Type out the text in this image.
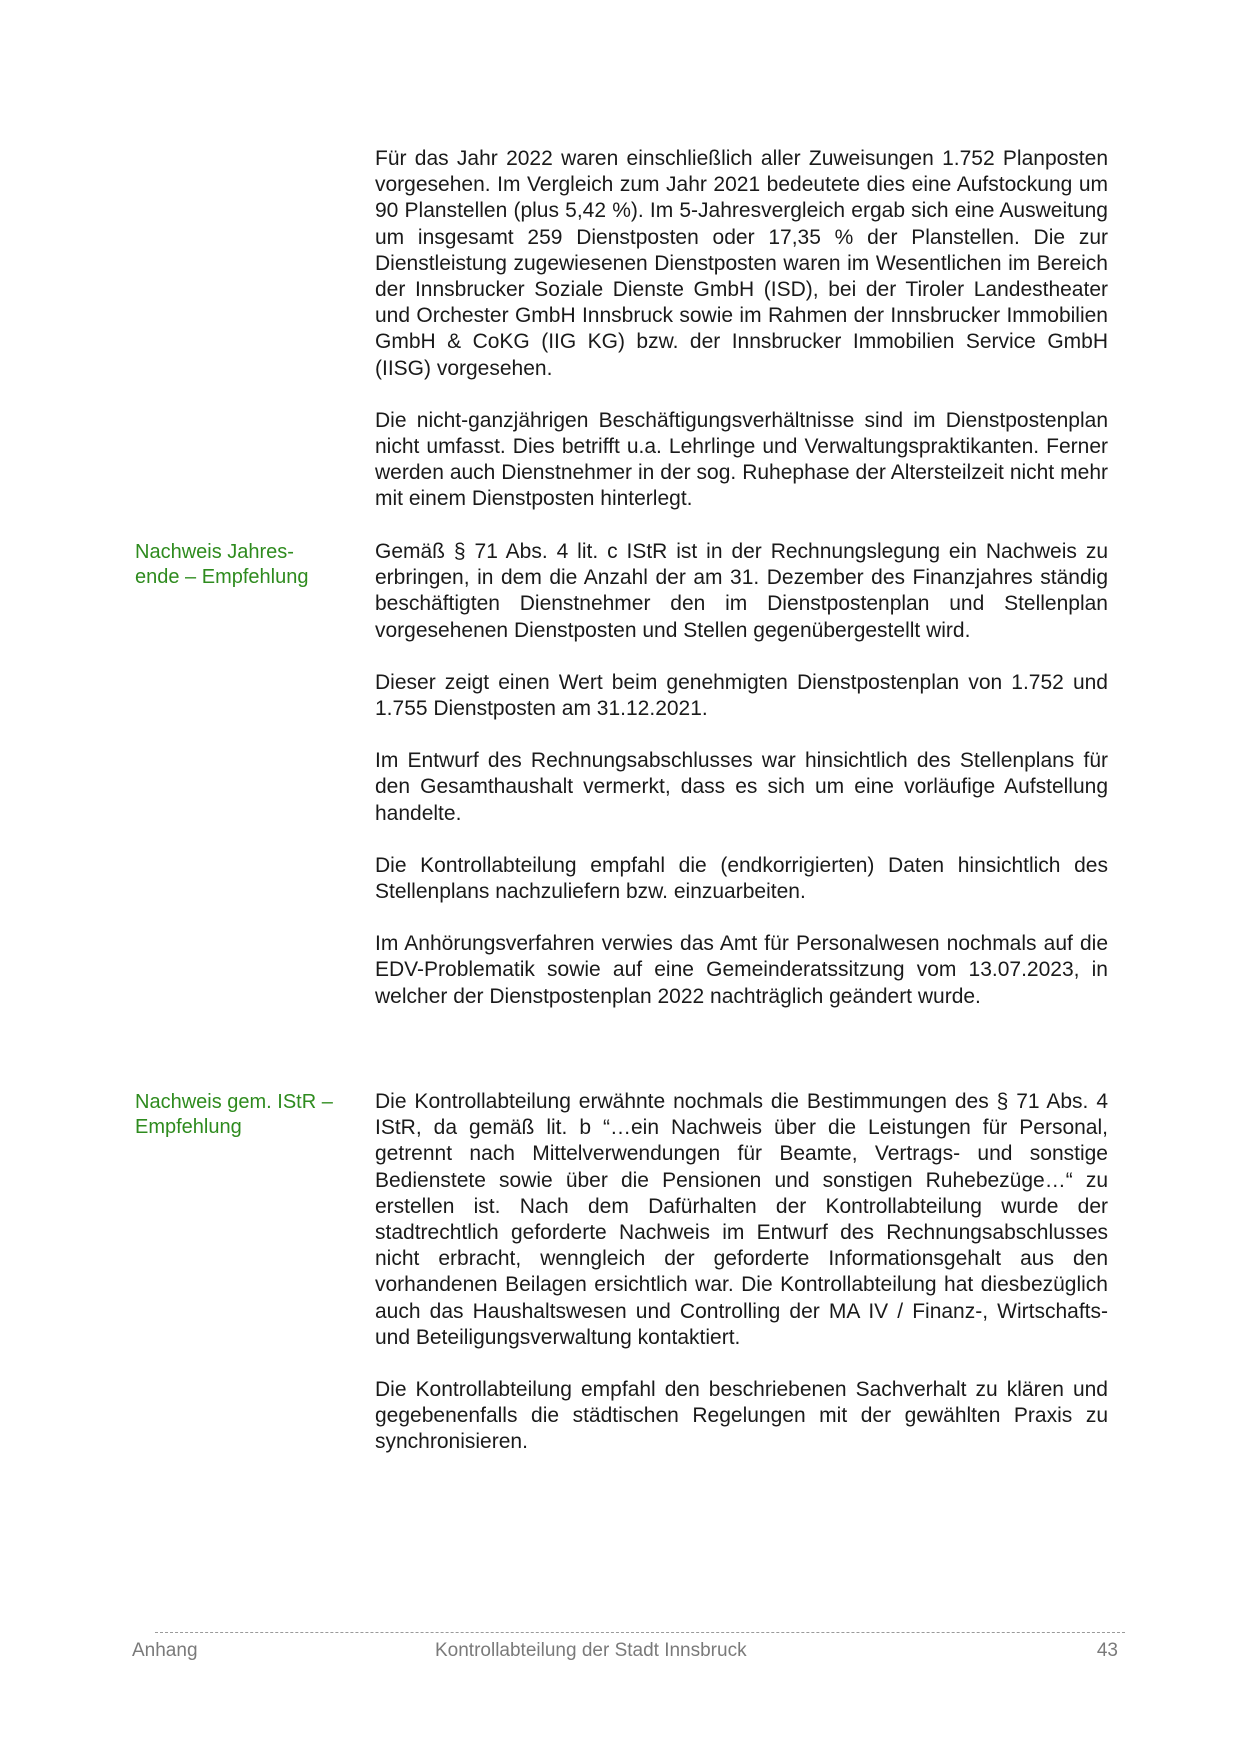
Für das Jahr 2022 waren einschließlich aller Zuweisungen 1.752 Planposten vorgesehen. Im Vergleich zum Jahr 2021 bedeutete dies eine Aufstockung um 90 Planstellen (plus 5,42 %). Im 5-Jahresvergleich ergab sich eine Ausweitung um insgesamt 259 Dienstposten oder 17,35 % der Planstellen. Die zur Dienstleistung zugewiesenen Dienstposten waren im Wesentlichen im Bereich der Innsbrucker Soziale Dienste GmbH (ISD), bei der Tiroler Landestheater und Orchester GmbH Innsbruck sowie im Rahmen der Innsbrucker Immobilien GmbH & CoKG (IIG KG) bzw. der Innsbrucker Immobilien Service GmbH (IISG) vorgesehen.

Die nicht-ganzjährigen Beschäftigungsverhältnisse sind im Dienstpostenplan nicht umfasst. Dies betrifft u.a. Lehrlinge und Verwaltungspraktikanten. Ferner werden auch Dienstnehmer in der sog. Ruhephase der Altersteilzeit nicht mehr mit einem Dienstposten hinterlegt.

Nachweis Jahres-
ende – Empfehlung

Gemäß § 71 Abs. 4 lit. c IStR ist in der Rechnungslegung ein Nachweis zu erbringen, in dem die Anzahl der am 31. Dezember des Finanzjahres ständig beschäftigten Dienstnehmer den im Dienstpostenplan und Stellenplan vorgesehenen Dienstposten und Stellen gegenübergestellt wird.

Dieser zeigt einen Wert beim genehmigten Dienstpostenplan von 1.752 und 1.755 Dienstposten am 31.12.2021.

Im Entwurf des Rechnungsabschlusses war hinsichtlich des Stellenplans für den Gesamthaushalt vermerkt, dass es sich um eine vorläufige Aufstellung handelte.

Die Kontrollabteilung empfahl die (endkorrigierten) Daten hinsichtlich des Stellenplans nachzuliefern bzw. einzuarbeiten.

Im Anhörungsverfahren verwies das Amt für Personalwesen nochmals auf die EDV-Problematik sowie auf eine Gemeinderatssitzung vom 13.07.2023, in welcher der Dienstpostenplan 2022 nachträglich geändert wurde.

Nachweis gem. IStR –
Empfehlung

Die Kontrollabteilung erwähnte nochmals die Bestimmungen des § 71 Abs. 4 IStR, da gemäß lit. b “…ein Nachweis über die Leistungen für Personal, getrennt nach Mittelverwendungen für Beamte, Vertrags- und sonstige Bedienstete sowie über die Pensionen und sonstigen Ruhebezüge…“ zu erstellen ist. Nach dem Dafürhalten der Kontrollabteilung wurde der stadtrechtlich geforderte Nachweis im Entwurf des Rechnungsabschlusses nicht erbracht, wenngleich der geforderte Informationsgehalt aus den vorhandenen Beilagen ersichtlich war. Die Kontrollabteilung hat diesbezüglich auch das Haushaltswesen und Controlling der MA IV / Finanz-, Wirtschafts- und Beteiligungsverwaltung kontaktiert.

Die Kontrollabteilung empfahl den beschriebenen Sachverhalt zu klären und gegebenenfalls die städtischen Regelungen mit der gewählten Praxis zu synchronisieren.

Anhang	Kontrollabteilung der Stadt Innsbruck	43
